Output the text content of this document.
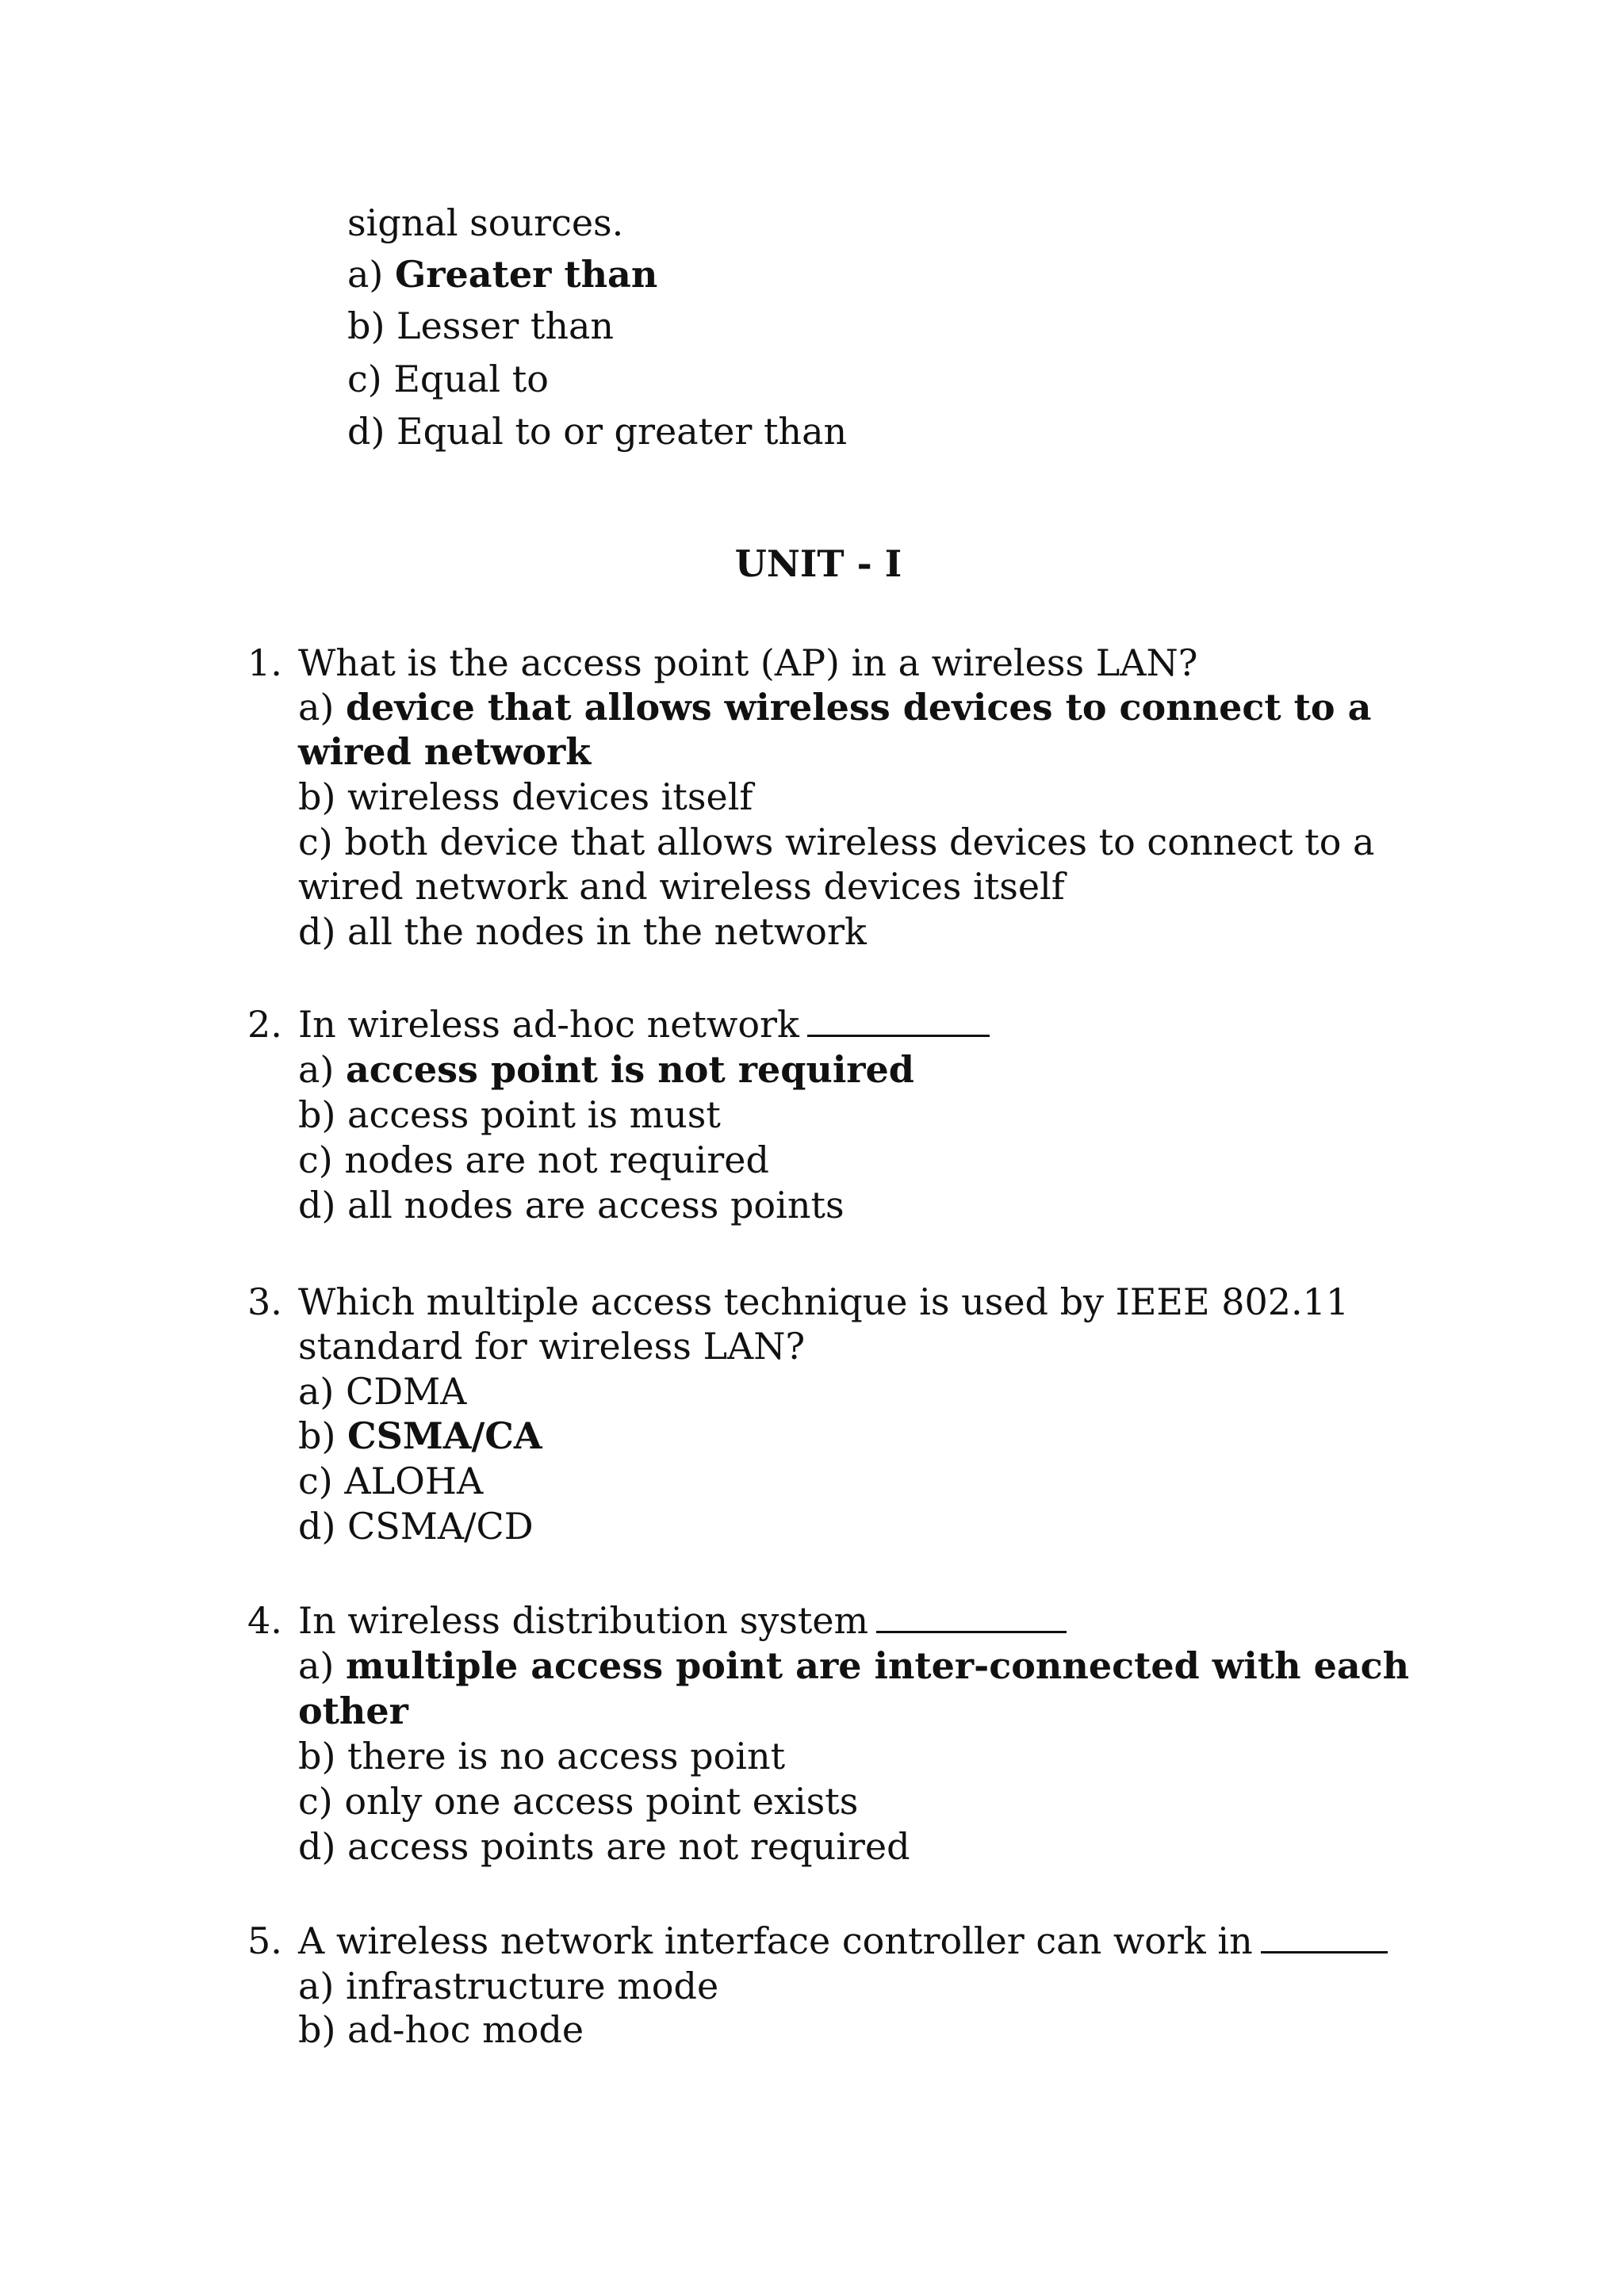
signal sources.
a) Greater than
b) Lesser than
c) Equal to
d) Equal to or greater than
UNIT - I
1. What is the access point (AP) in a wireless LAN?
a) device that allows wireless devices to connect to a
wired network
b) wireless devices itself
c) both device that allows wireless devices to connect to a
wired network and wireless devices itself
d) all the nodes in the network
2. In wireless ad-hoc network
a) access point is not required
b) access point is must
c) nodes are not required
d) all nodes are access points
3. Which multiple access technique is used by IEEE 802.11
standard for wireless LAN?
a) CDMA
b) CSMA/CA
c) ALOHA
d) CSMA/CD
4. In wireless distribution system
a) multiple access point are inter-connected with each
other
b) there is no access point
c) only one access point exists
d) access points are not required
5. A wireless network interface controller can work in
a) infrastructure mode
b) ad-hoc mode
